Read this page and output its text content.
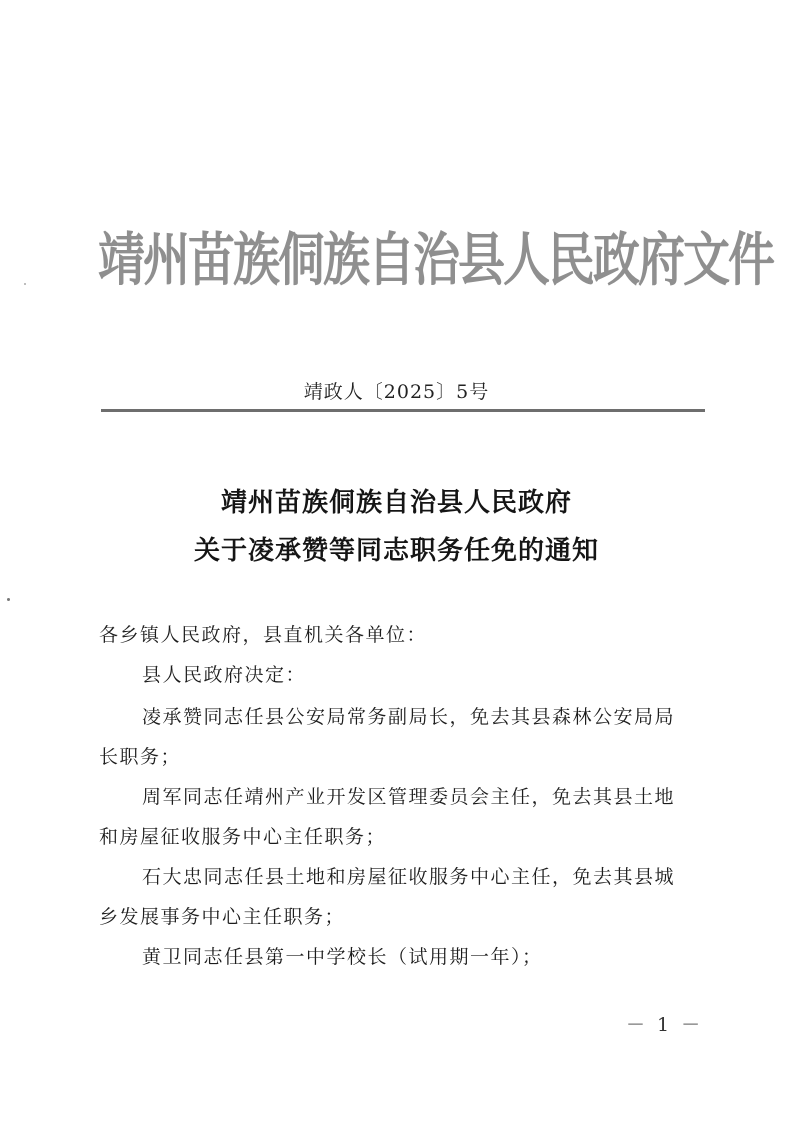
靖州苗族侗族自治县人民政府文件
靖政人〔2025〕5号
靖州苗族侗族自治县人民政府
关于凌承赞等同志职务任免的通知
各乡镇人民政府，县直机关各单位：
县人民政府决定：
凌承赞同志任县公安局常务副局长，免去其县森林公安局局
长职务；
周军同志任靖州产业开发区管理委员会主任，免去其县土地
和房屋征收服务中心主任职务；
石大忠同志任县土地和房屋征收服务中心主任，免去其县城
乡发展事务中心主任职务；
黄卫同志任县第一中学校长（试用期一年）；
－ 1 －
